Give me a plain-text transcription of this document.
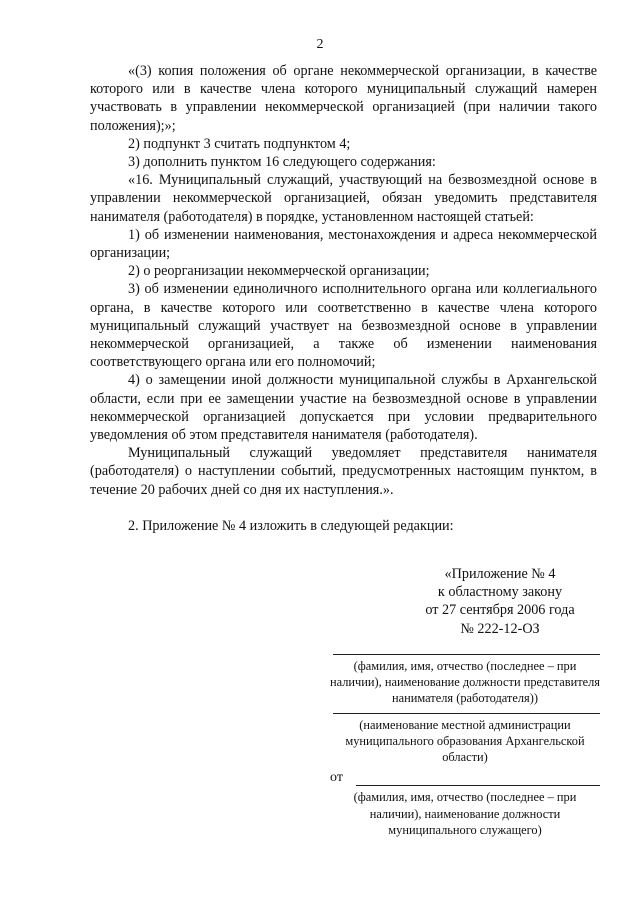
2

«(3) копия положения об органе некоммерческой организации, в качестве которого или в качестве члена которого муниципальный служащий намерен участвовать в управлении некоммерческой организацией (при наличии такого положения);»;

2) подпункт 3 считать подпунктом 4;

3) дополнить пунктом 16 следующего содержания:

«16. Муниципальный служащий, участвующий на безвозмездной основе в управлении некоммерческой организацией, обязан уведомить представителя нанимателя (работодателя) в порядке, установленном настоящей статьей:

1) об изменении наименования, местонахождения и адреса некоммерческой организации;

2) о реорганизации некоммерческой организации;

3) об изменении единоличного исполнительного органа или коллегиального органа, в качестве которого или соответственно в качестве члена которого муниципальный служащий участвует на безвозмездной основе в управлении некоммерческой организацией, а также об изменении наименования соответствующего органа или его полномочий;

4) о замещении иной должности муниципальной службы в Архангельской области, если при ее замещении участие на безвозмездной основе в управлении некоммерческой организацией допускается при условии предварительного уведомления об этом представителя нанимателя (работодателя).

Муниципальный служащий уведомляет представителя нанимателя (работодателя) о наступлении событий, предусмотренных настоящим пунктом, в течение 20 рабочих дней со дня их наступления.».

2. Приложение № 4 изложить в следующей редакции:

«Приложение № 4
к областному закону
от 27 сентября 2006 года
№ 222-12-ОЗ
(фамилия, имя, отчество (последнее – при наличии), наименование должности представителя нанимателя (работодателя))
(наименование местной администрации муниципального образования Архангельской области)
от
(фамилия, имя, отчество (последнее – при наличии), наименование должности муниципального служащего)
